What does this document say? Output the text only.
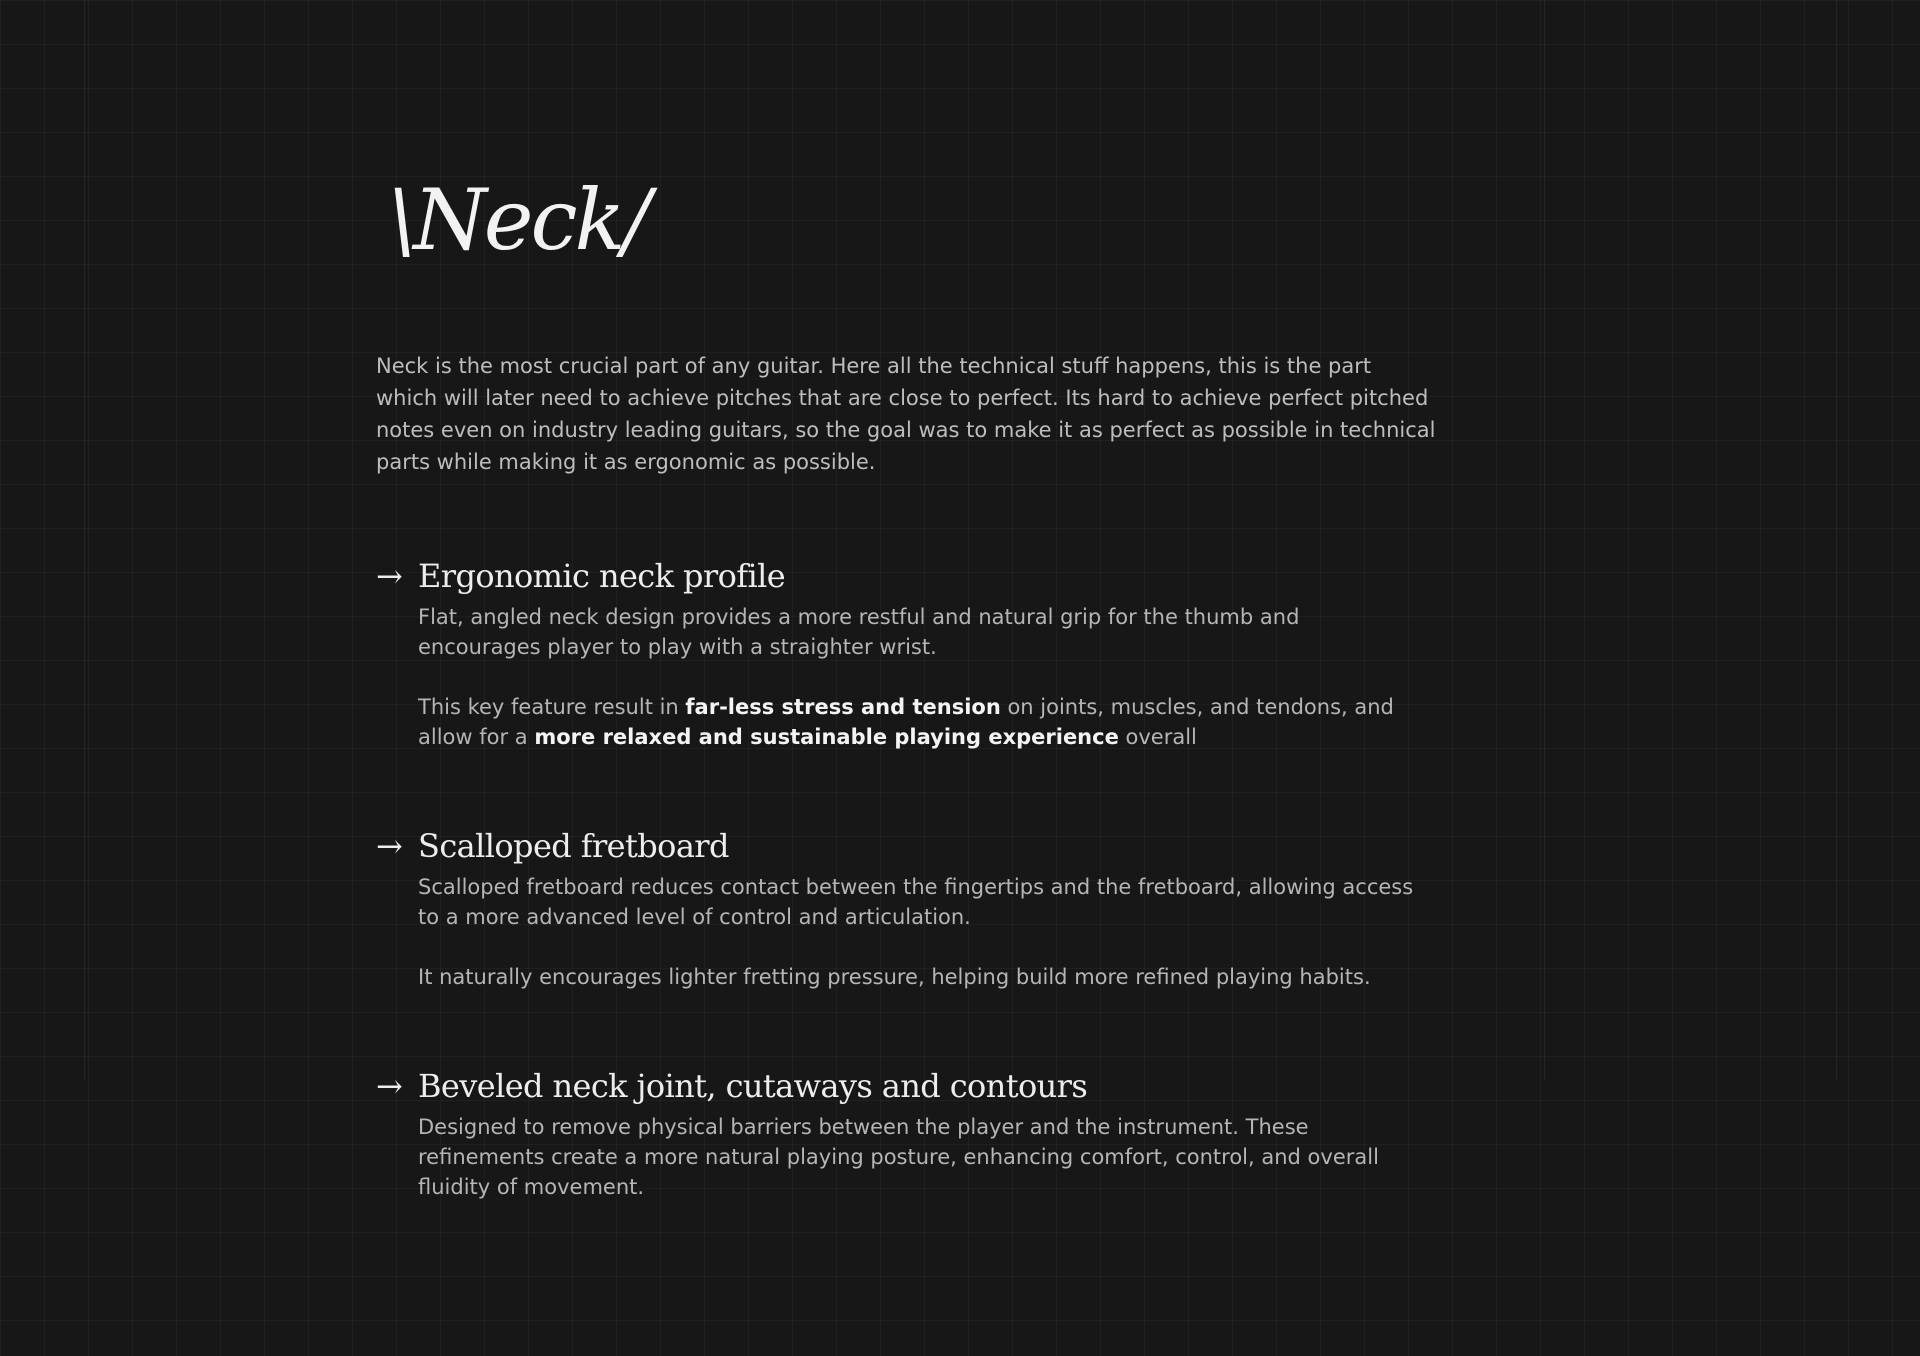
\Neck/

Neck is the most crucial part of any guitar. Here all the technical stuff happens, this is the part which will later need to achieve pitches that are close to perfect. Its hard to achieve perfect pitched notes even on industry leading guitars, so the goal was to make it as perfect as possible in technical parts while making it as ergonomic as possible.

→ Ergonomic neck profile

Flat, angled neck design provides a more restful and natural grip for the thumb and encourages player to play with a straighter wrist.

This key feature result in far-less stress and tension on joints, muscles, and tendons, and allow for a more relaxed and sustainable playing experience overall

→ Scalloped fretboard

Scalloped fretboard reduces contact between the fingertips and the fretboard, allowing access to a more advanced level of control and articulation.

It naturally encourages lighter fretting pressure, helping build more refined playing habits.

→ Beveled neck joint, cutaways and contours

Designed to remove physical barriers between the player and the instrument. These refinements create a more natural playing posture, enhancing comfort, control, and overall fluidity of movement.
